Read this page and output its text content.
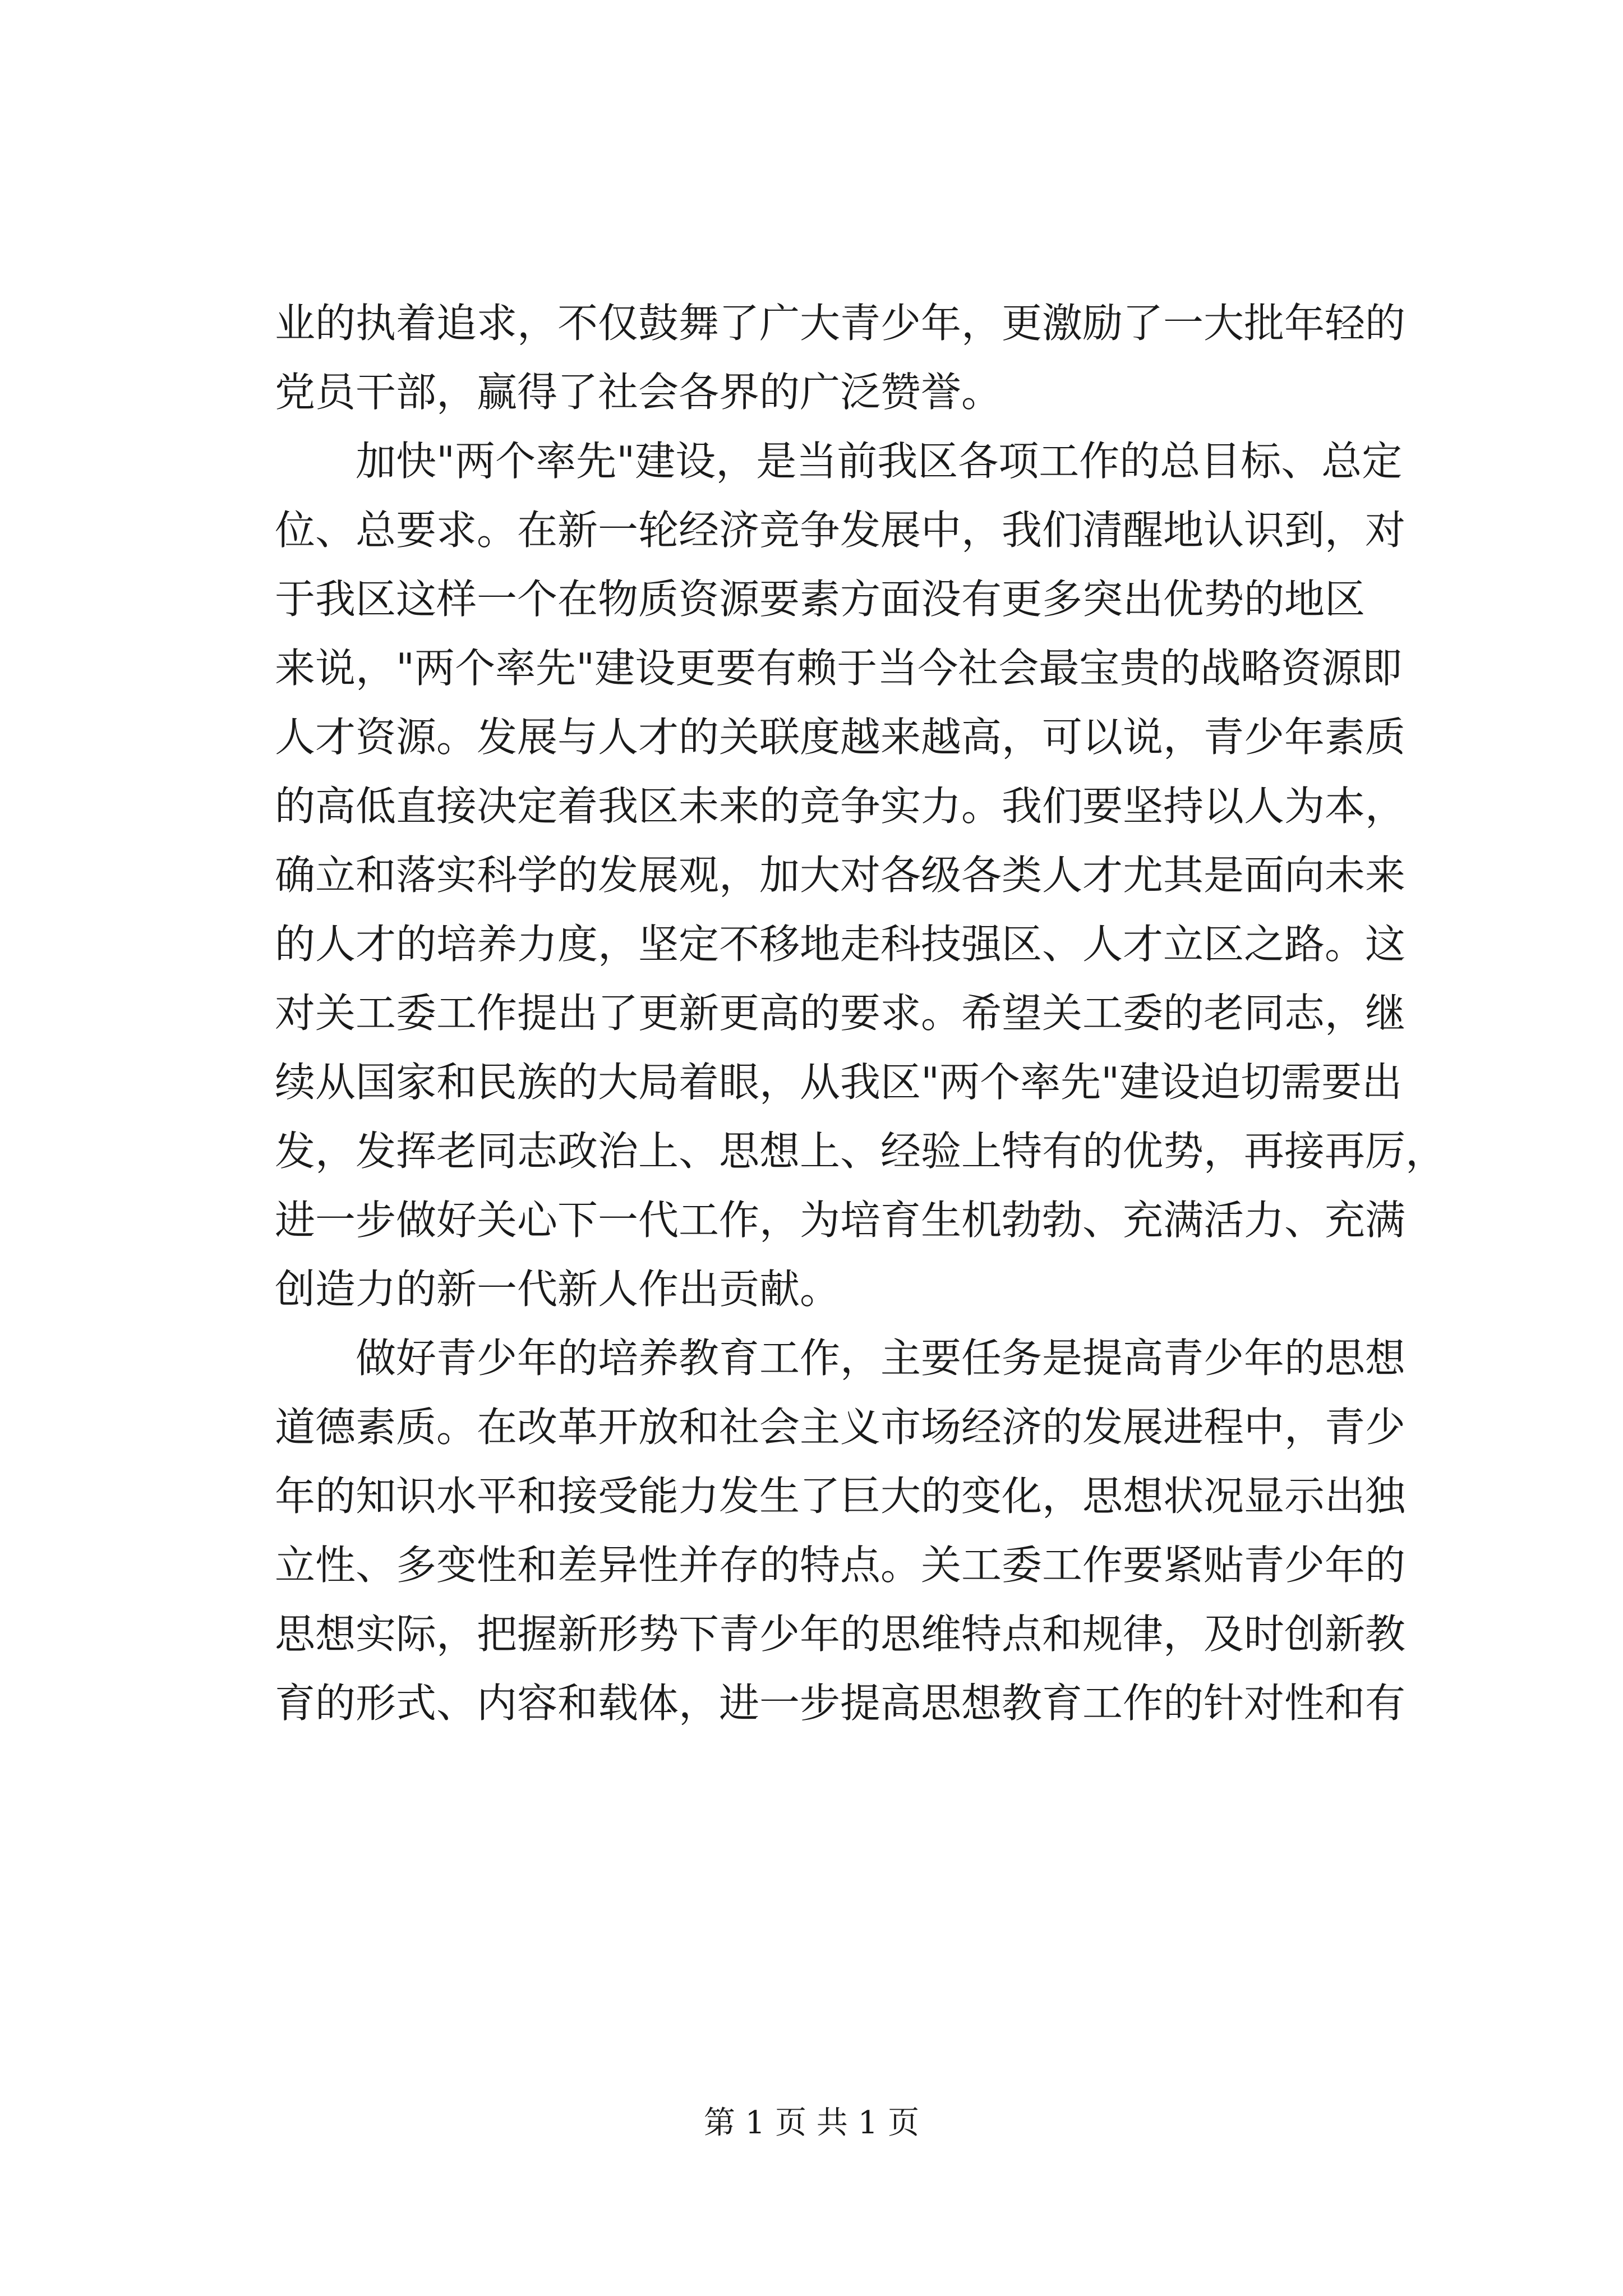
业的执着追求，不仅鼓舞了广大青少年，更激励了一大批年轻的
党员干部，赢得了社会各界的广泛赞誉。
　　加快"两个率先"建设，是当前我区各项工作的总目标、总定
位、总要求。在新一轮经济竞争发展中，我们清醒地认识到，对
于我区这样一个在物质资源要素方面没有更多突出优势的地区
来说，"两个率先"建设更要有赖于当今社会最宝贵的战略资源即
人才资源。发展与人才的关联度越来越高，可以说，青少年素质
的高低直接决定着我区未来的竞争实力。我们要坚持以人为本，
确立和落实科学的发展观，加大对各级各类人才尤其是面向未来
的人才的培养力度，坚定不移地走科技强区、人才立区之路。这
对关工委工作提出了更新更高的要求。希望关工委的老同志，继
续从国家和民族的大局着眼，从我区"两个率先"建设迫切需要出
发，发挥老同志政治上、思想上、经验上特有的优势，再接再厉，
进一步做好关心下一代工作，为培育生机勃勃、充满活力、充满
创造力的新一代新人作出贡献。
　　做好青少年的培养教育工作，主要任务是提高青少年的思想
道德素质。在改革开放和社会主义市场经济的发展进程中，青少
年的知识水平和接受能力发生了巨大的变化，思想状况显示出独
立性、多变性和差异性并存的特点。关工委工作要紧贴青少年的
思想实际，把握新形势下青少年的思维特点和规律，及时创新教
育的形式、内容和载体，进一步提高思想教育工作的针对性和有
第 1 页 共 1 页
